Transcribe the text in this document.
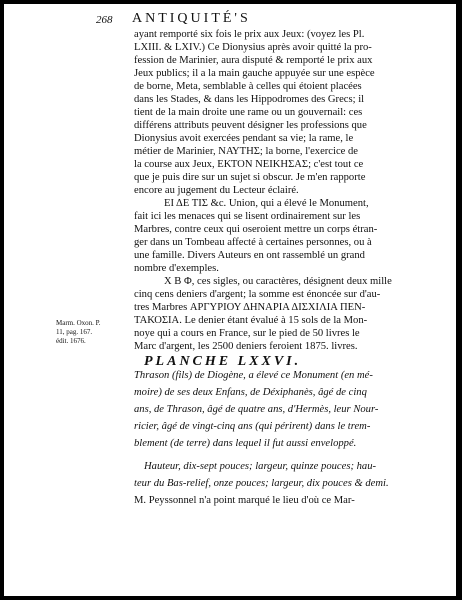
268 ANTIQUITÉ'S
ayant remporté six fois le prix aux Jeux: (voyez les Pl.
LXIII. & LXIV.) Ce Dionysius après avoir quitté la pro-
fession de Marinier, aura disputé & remporté le prix aux
Jeux publics; il a la main gauche appuyée sur une espèce
de borne, Meta, semblable à celles qui étoient placées
dans les Stades, & dans les Hippodromes des Grecs; il
tient de la main droite une rame ou un gouvernail: ces
différens attributs peuvent désigner les professions que
Dionysius avoit exercées pendant sa vie; la rame, le
métier de Marinier, ΝΑΥΤΗΣ; la borne, l'exercice de
la course aux Jeux, ΕΚΤΟΝ ΝΕΙΚΗΣΑΣ; c'est tout ce
que je puis dire sur un sujet si obscur. Je m'en rapporte
encore au jugement du Lecteur éclairé.
ΕΙ ΔΕ ΤΙΣ &c. Union, qui a élevé le Monument,
fait ici les menaces qui se lisent ordinairement sur les
Marbres, contre ceux qui oseroient mettre un corps étran-
ger dans un Tombeau affecté à certaines personnes, ou à
une famille. Divers Auteurs en ont rassemblé un grand
nombre d'exemples.
Χ Β Φ, ces sigles, ou caractères, désignent deux mille
cinq cens deniers d'argent; la somme est énoncée sur d'au-
tres Marbres ΑΡΓΥΡΙΟΥ ΔΗΝΑΡΙΑ ΔΙΣΧΙΛΙΑ ΠΕΝ-
ΤΑΚΟΣΙΑ. Le denier étant évalué à 15 sols de la Mon-
noye qui a cours en France, sur le pied de 50 livres le
Marc d'argent, les 2500 deniers feroient 1875. livres.
Marm. Oxon. P.
11, pag. 167.
édit. 1676.
PLANCHE LXXVI.
Thrason (fils) de Diogène, a élevé ce Monument (en mé-
moire) de ses deux Enfans, de Déxiphanès, âgé de cinq
ans, de Thrason, âgé de quatre ans, d'Hermès, leur Nour-
ricier, âgé de vingt-cinq ans (qui périrent) dans le trem-
blement (de terre) dans lequel il fut aussi enveloppé.
Hauteur, dix-sept pouces; largeur, quinze pouces; hau-
teur du Bas-relief, onze pouces; largeur, dix pouces & demi.
M. Peyssonnel n'a point marqué le lieu d'où ce Mar-
